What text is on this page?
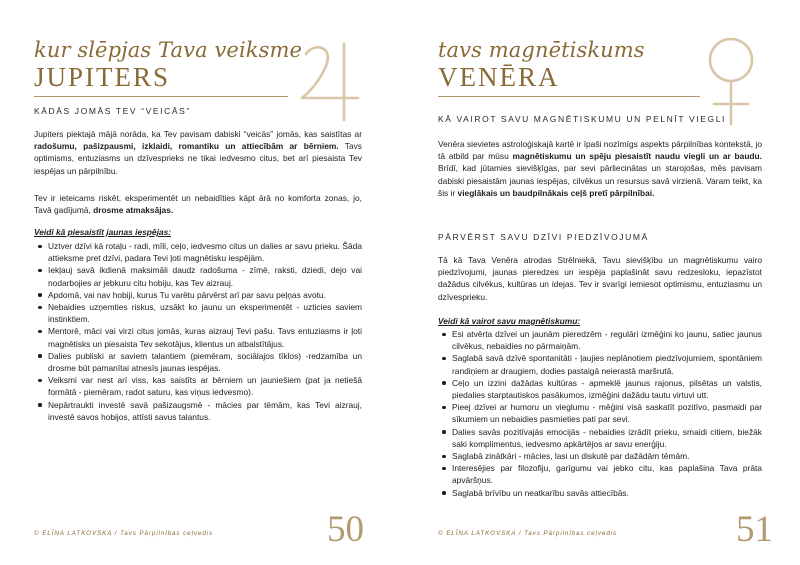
kur slēpjas Tava veiksme
JUPITERS
KĀDĀS JOMĀS TEV “VEICĀS”
Jupiters piektajā mājā norāda, ka Tev pavisam dabiski “veicās” jomās, kas saistītas ar radošumu, pašizpausmi, izklaidi, romantiku un attiecībām ar bērniem. Tavs optimisms, entuziasms un dzīvesprieks ne tikai iedvesmo citus, bet arī piesaista Tev iespējas un pārpilnību.
Tev ir ieteicams riskēt, eksperimentēt un nebaidīties kāpt ārā no komforta zonas, jo, Tavā gadījumā, drosme atmaksājas.
Veidi kā piesaistīt jaunas iespējas:
Uztver dzīvi kā rotaļu - radi, mīli, ceļo, iedvesmo citus un dalies ar savu prieku. Šāda attieksme pret dzīvi, padara Tevi ļoti magnētisku iespējām.
Iekļauj savā ikdienā maksimāli daudz radošuma - zīmē, raksti, dziedi, dejo vai nodarbojies ar jebkuru citu hobiju, kas Tev aizrauj.
Apdomā, vai nav hobiji, kurus Tu varētu pārvērst arī par savu peļņas avotu.
Nebaidies uzņemties riskus, uzsākt ko jaunu un eksperimentēt - uzticies saviem instinktiem.
Mentorē, māci vai virzi citus jomās, kuras aizrauj Tevi pašu. Tavs entuziasms ir ļoti magnētisks un piesaista Tev sekotājus, klientus un atbalstītājus.
Dalies publiski ar saviem talantiem (piemēram, sociālajos tīklos) -redzamība un drosme būt pamanītai atnesīs jaunas iespējas.
Veiksmi var nest arī viss, kas saistīts ar bērniem un jauniešiem (pat ja netiešā formātā - piemēram, radot saturu, kas viņus iedvesmo).
Nepārtraukti investē savā pašizaugsmē - mācies par tēmām, kas Tevi aizrauj, investē savos hobijos, attīsti savus talantus.
© ELĪNA LATKOVSKA / Tavs Pārpilnības ceļvedis	50
tavs magnētiskums
VENĒRA
KĀ VAIROT SAVU MAGNĒTISKUMU UN PELNĪT VIEGLI
Venēra sievietes astroloģiskajā kartē ir īpaši nozīmīgs aspekts pārpilnības kontekstā, jo tā atbild par mūsu magnētiskumu un spēju piesaistīt naudu viegli un ar baudu. Brīdī, kad jūtamies sievišķīgas, par sevi pārliecinātas un starojošas, mēs pavisam dabiski piesaistām jaunas iespējas, cilvēkus un resursus savā virzienā. Varam teikt, ka šis ir vieglākais un baudpilnākais ceļš pretī pārpilnībai.
PĀRVĒRST SAVU DZĪVI PIEDZĪVOJUMĀ
Tā kā Tava Venēra atrodas Strēlniekā, Tavu sievišķību un magnētiskumu vairo piedzīvojumi, jaunas pieredzes un iespēja paplašināt savu redzesloku, iepazīstot dažādus cilvēkus, kultūras un idejas. Tev ir svarīgi iemiesot optimismu, entuziasmu un dzīvesprieku.
Veidi kā vairot savu magnētiskumu:
Esi atvērta dzīvei un jaunām pieredzēm - regulāri izmēģini ko jaunu, satiec jaunus cilvēkus, nebaidies no pārmaiņām.
Saglabā savā dzīvē spontanitāti - ļaujies neplānotiem piedzīvojumiem, spontāniem randiņiem ar draugiem, dodies pastaigā neierastā maršrutā.
Ceļo un izzini dažādas kultūras - apmeklē jaunus rajonus, pilsētas un valstis, piedalies starptautiskos pasākumos, izmēģini dažādu tautu virtuvi utt.
Pieej dzīvei ar humoru un vieglumu - mēģini visā saskatīt pozitīvo, pasmaidi par sīkumiem un nebaidies pasmieties pati par sevi.
Dalies savās pozitīvajās emocijās - nebaidies izrādīt prieku, smaidi citiem, biežāk saki komplimentus, iedvesmo apkārtējos ar savu enerģiju.
Saglabā zinātkāri - mācies, lasi un diskutē par dažādām tēmām.
Interesējies par filozofiju, garīgumu vai jebko citu, kas paplašina Tava prāta apvāršņus.
Saglabā brīvību un neatkarību savās attiecībās.
© ELĪNA LATKOVSKA / Tavs Pārpilnības ceļvedis	51
